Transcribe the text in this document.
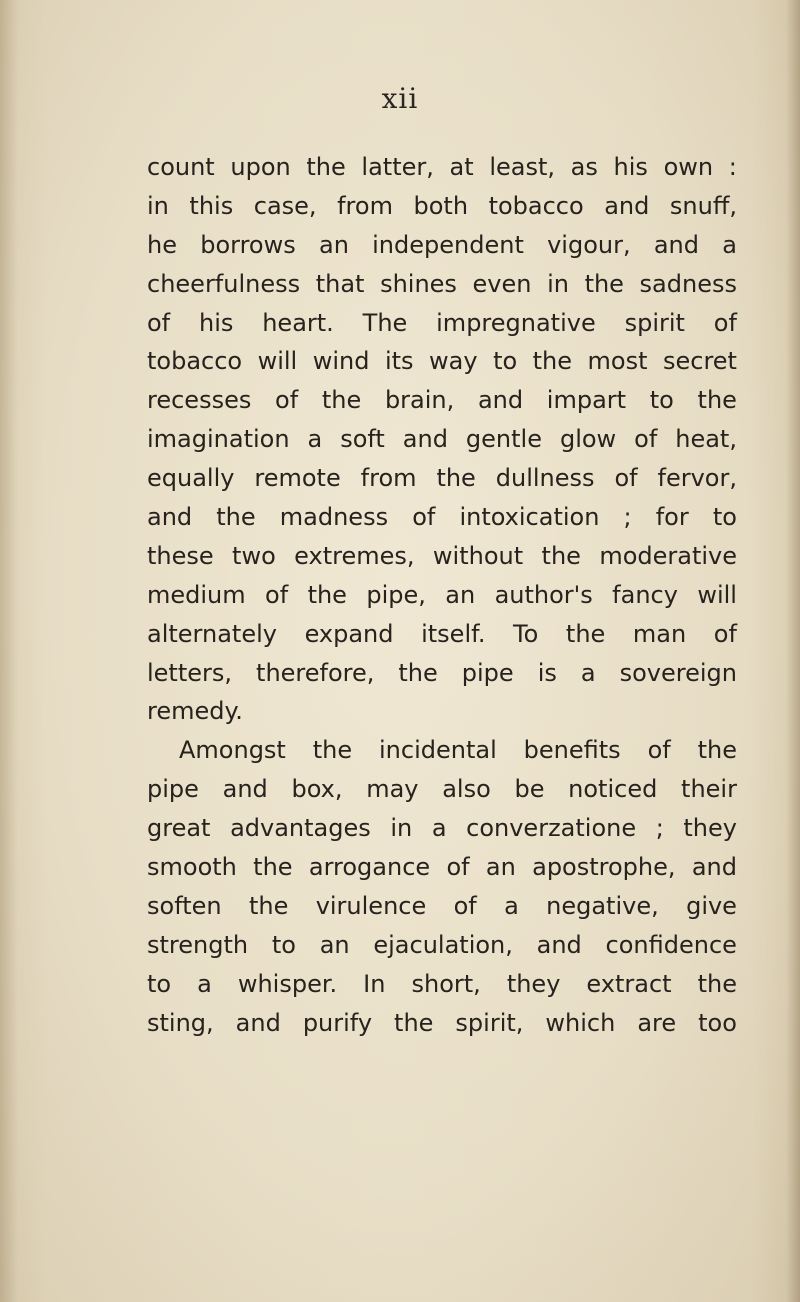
xii
count upon the latter, at least, as his own :
in this case, from both tobacco and snuff,
he borrows an independent vigour, and a
cheerfulness that shines even in the sadness
of his heart. The impregnative spirit of
tobacco will wind its way to the most secret
recesses of the brain, and impart to the
imagination a soft and gentle glow of heat,
equally remote from the dullness of fervor,
and the madness of intoxication ; for to
these two extremes, without the moderative
medium of the pipe, an author's fancy will
alternately expand itself. To the man of
letters, therefore, the pipe is a sovereign
remedy.
Amongst the incidental benefits of the
pipe and box, may also be noticed their
great advantages in a converzatione ; they
smooth the arrogance of an apostrophe, and
soften the virulence of a negative, give
strength to an ejaculation, and confidence
to a whisper. In short, they extract the
sting, and purify the spirit, which are too
